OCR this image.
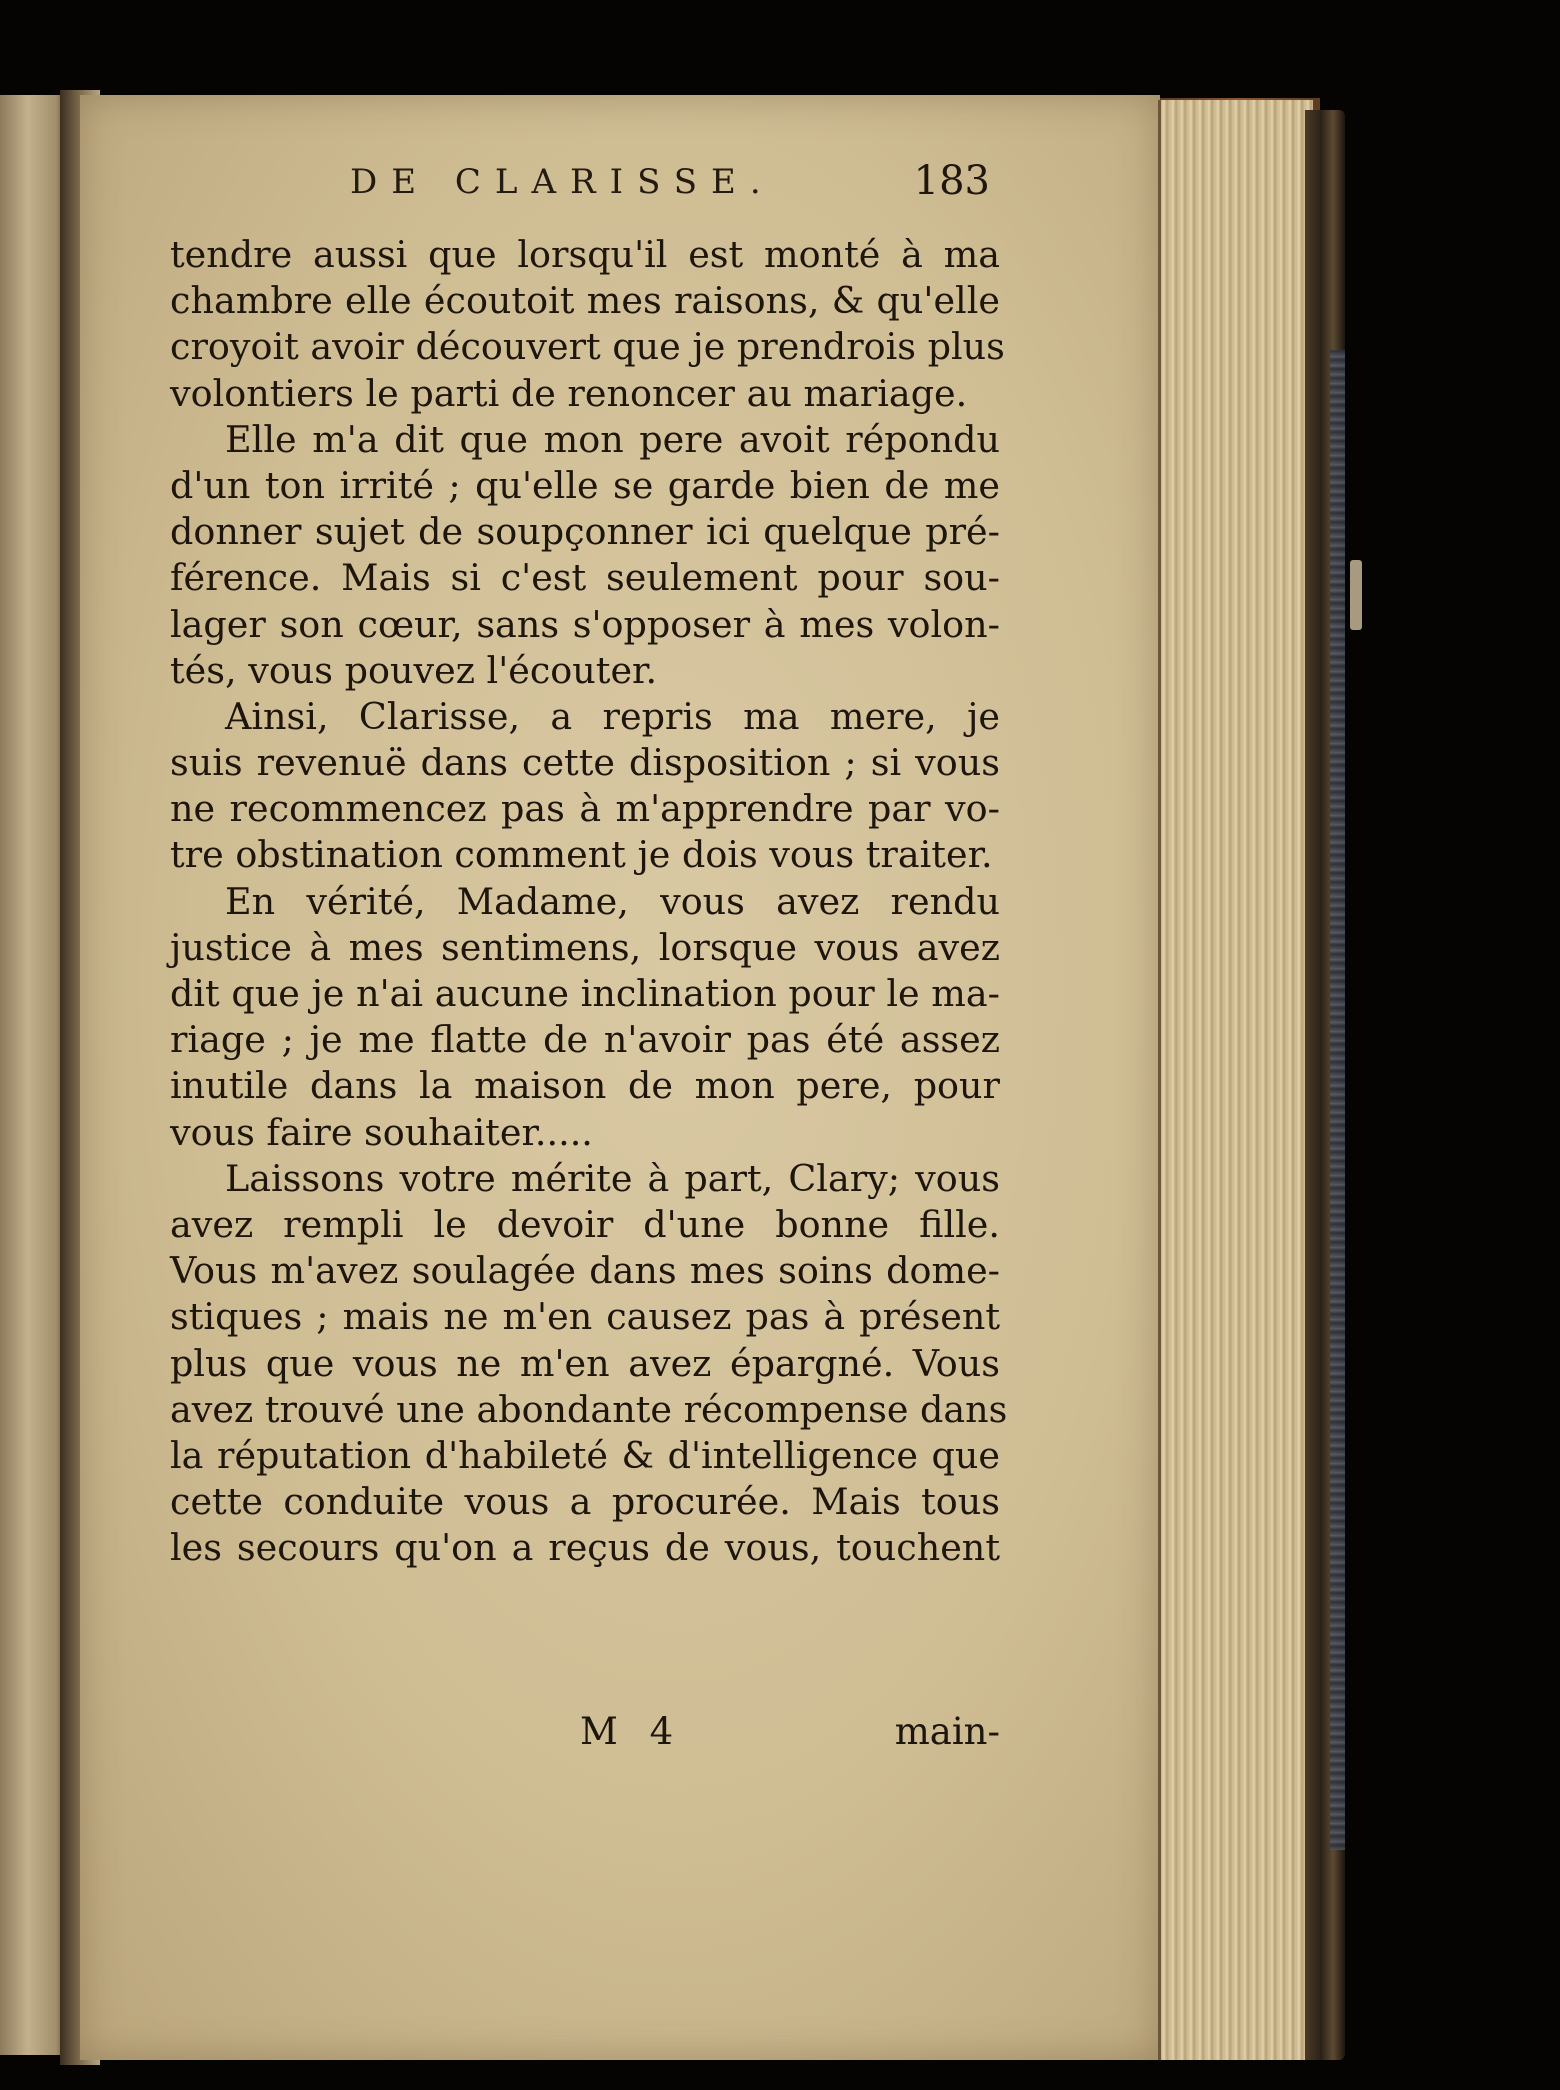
DE CLARISSE.	183
tendre aussi que lorsqu'il est monté à ma
chambre elle écoutoit mes raisons, & qu'elle
croyoit avoir découvert que je prendrois plus
volontiers le parti de renoncer au mariage.
Elle m'a dit que mon pere avoit répondu
d'un ton irrité ; qu'elle se garde bien de me
donner sujet de soupçonner ici quelque pré-
férence. Mais si c'est seulement pour sou-
lager son cœur, sans s'opposer à mes volon-
tés, vous pouvez l'écouter.
Ainsi, Clarisse, a repris ma mere, je
suis revenuë dans cette disposition ; si vous
ne recommencez pas à m'apprendre par vo-
tre obstination comment je dois vous traiter.
En vérité, Madame, vous avez rendu
justice à mes sentimens, lorsque vous avez
dit que je n'ai aucune inclination pour le ma-
riage ; je me flatte de n'avoir pas été assez
inutile dans la maison de mon pere, pour
vous faire souhaiter.....
Laissons votre mérite à part, Clary; vous
avez rempli le devoir d'une bonne fille.
Vous m'avez soulagée dans mes soins dome-
stiques ; mais ne m'en causez pas à présent
plus que vous ne m'en avez épargné. Vous
avez trouvé une abondante récompense dans
la réputation d'habileté & d'intelligence que
cette conduite vous a procurée. Mais tous
les secours qu'on a reçus de vous, touchent
M 4	main-
